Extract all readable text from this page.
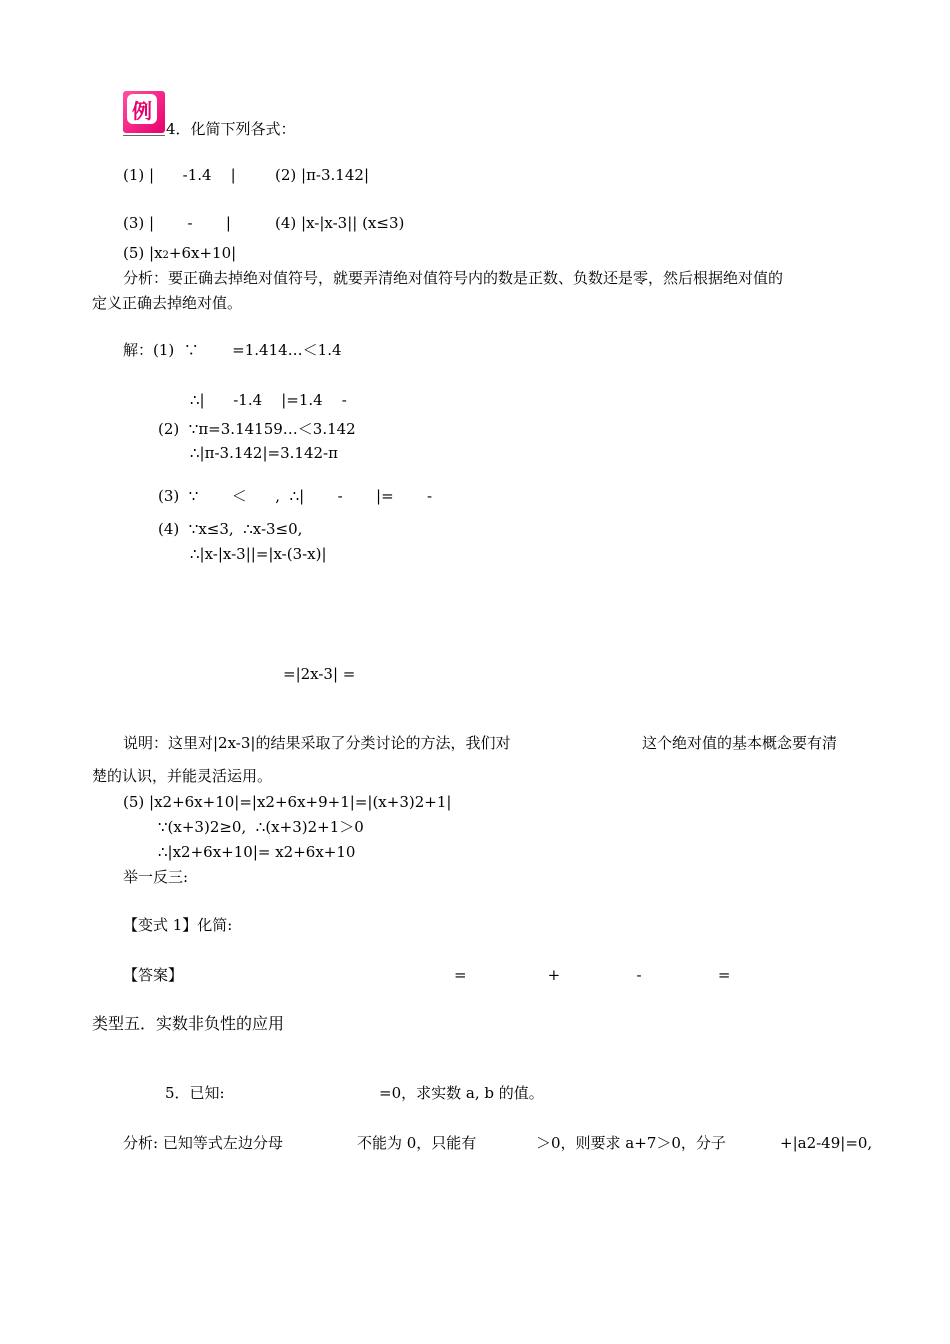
例
4．化简下列各式：
(1) |      -1.4    |	(2) |π-3.142|
(3) |       -       |	(4) |x-|x-3|| (x≤3)
(5) |x2+6x+10|
分析：要正确去掉绝对值符号，就要弄清绝对值符号内的数是正数、负数还是零，然后根据绝对值的
定义正确去掉绝对值。
解：(1)  ∵       =1.414…＜1.4
∴|      -1.4    |=1.4    -
(2)  ∵π=3.14159…＜3.142
∴|π-3.142|=3.142-π
(3)  ∵       ＜      ,  ∴|       -       |=       -
(4)  ∵x≤3,  ∴x-3≤0,
∴|x-|x-3||=|x-(3-x)|
=|2x-3| =
说明：这里对|2x-3|的结果采取了分类讨论的方法，我们对	这个绝对值的基本概念要有清
楚的认识，并能灵活运用。
(5) |x2+6x+10|=|x2+6x+9+1|=|(x+3)2+1|
∵(x+3)2≥0,  ∴(x+3)2+1＞0
∴|x2+6x+10|= x2+6x+10
举一反三:
【变式 1】化简:
【答案】	=                 +                -                =
类型五．实数非负性的应用
5．已知:	=0，求实数 a, b 的值。
分析: 已知等式左边分母	不能为 0，只能有	＞0，则要求 a+7＞0，分子	+|a2-49|=0,
